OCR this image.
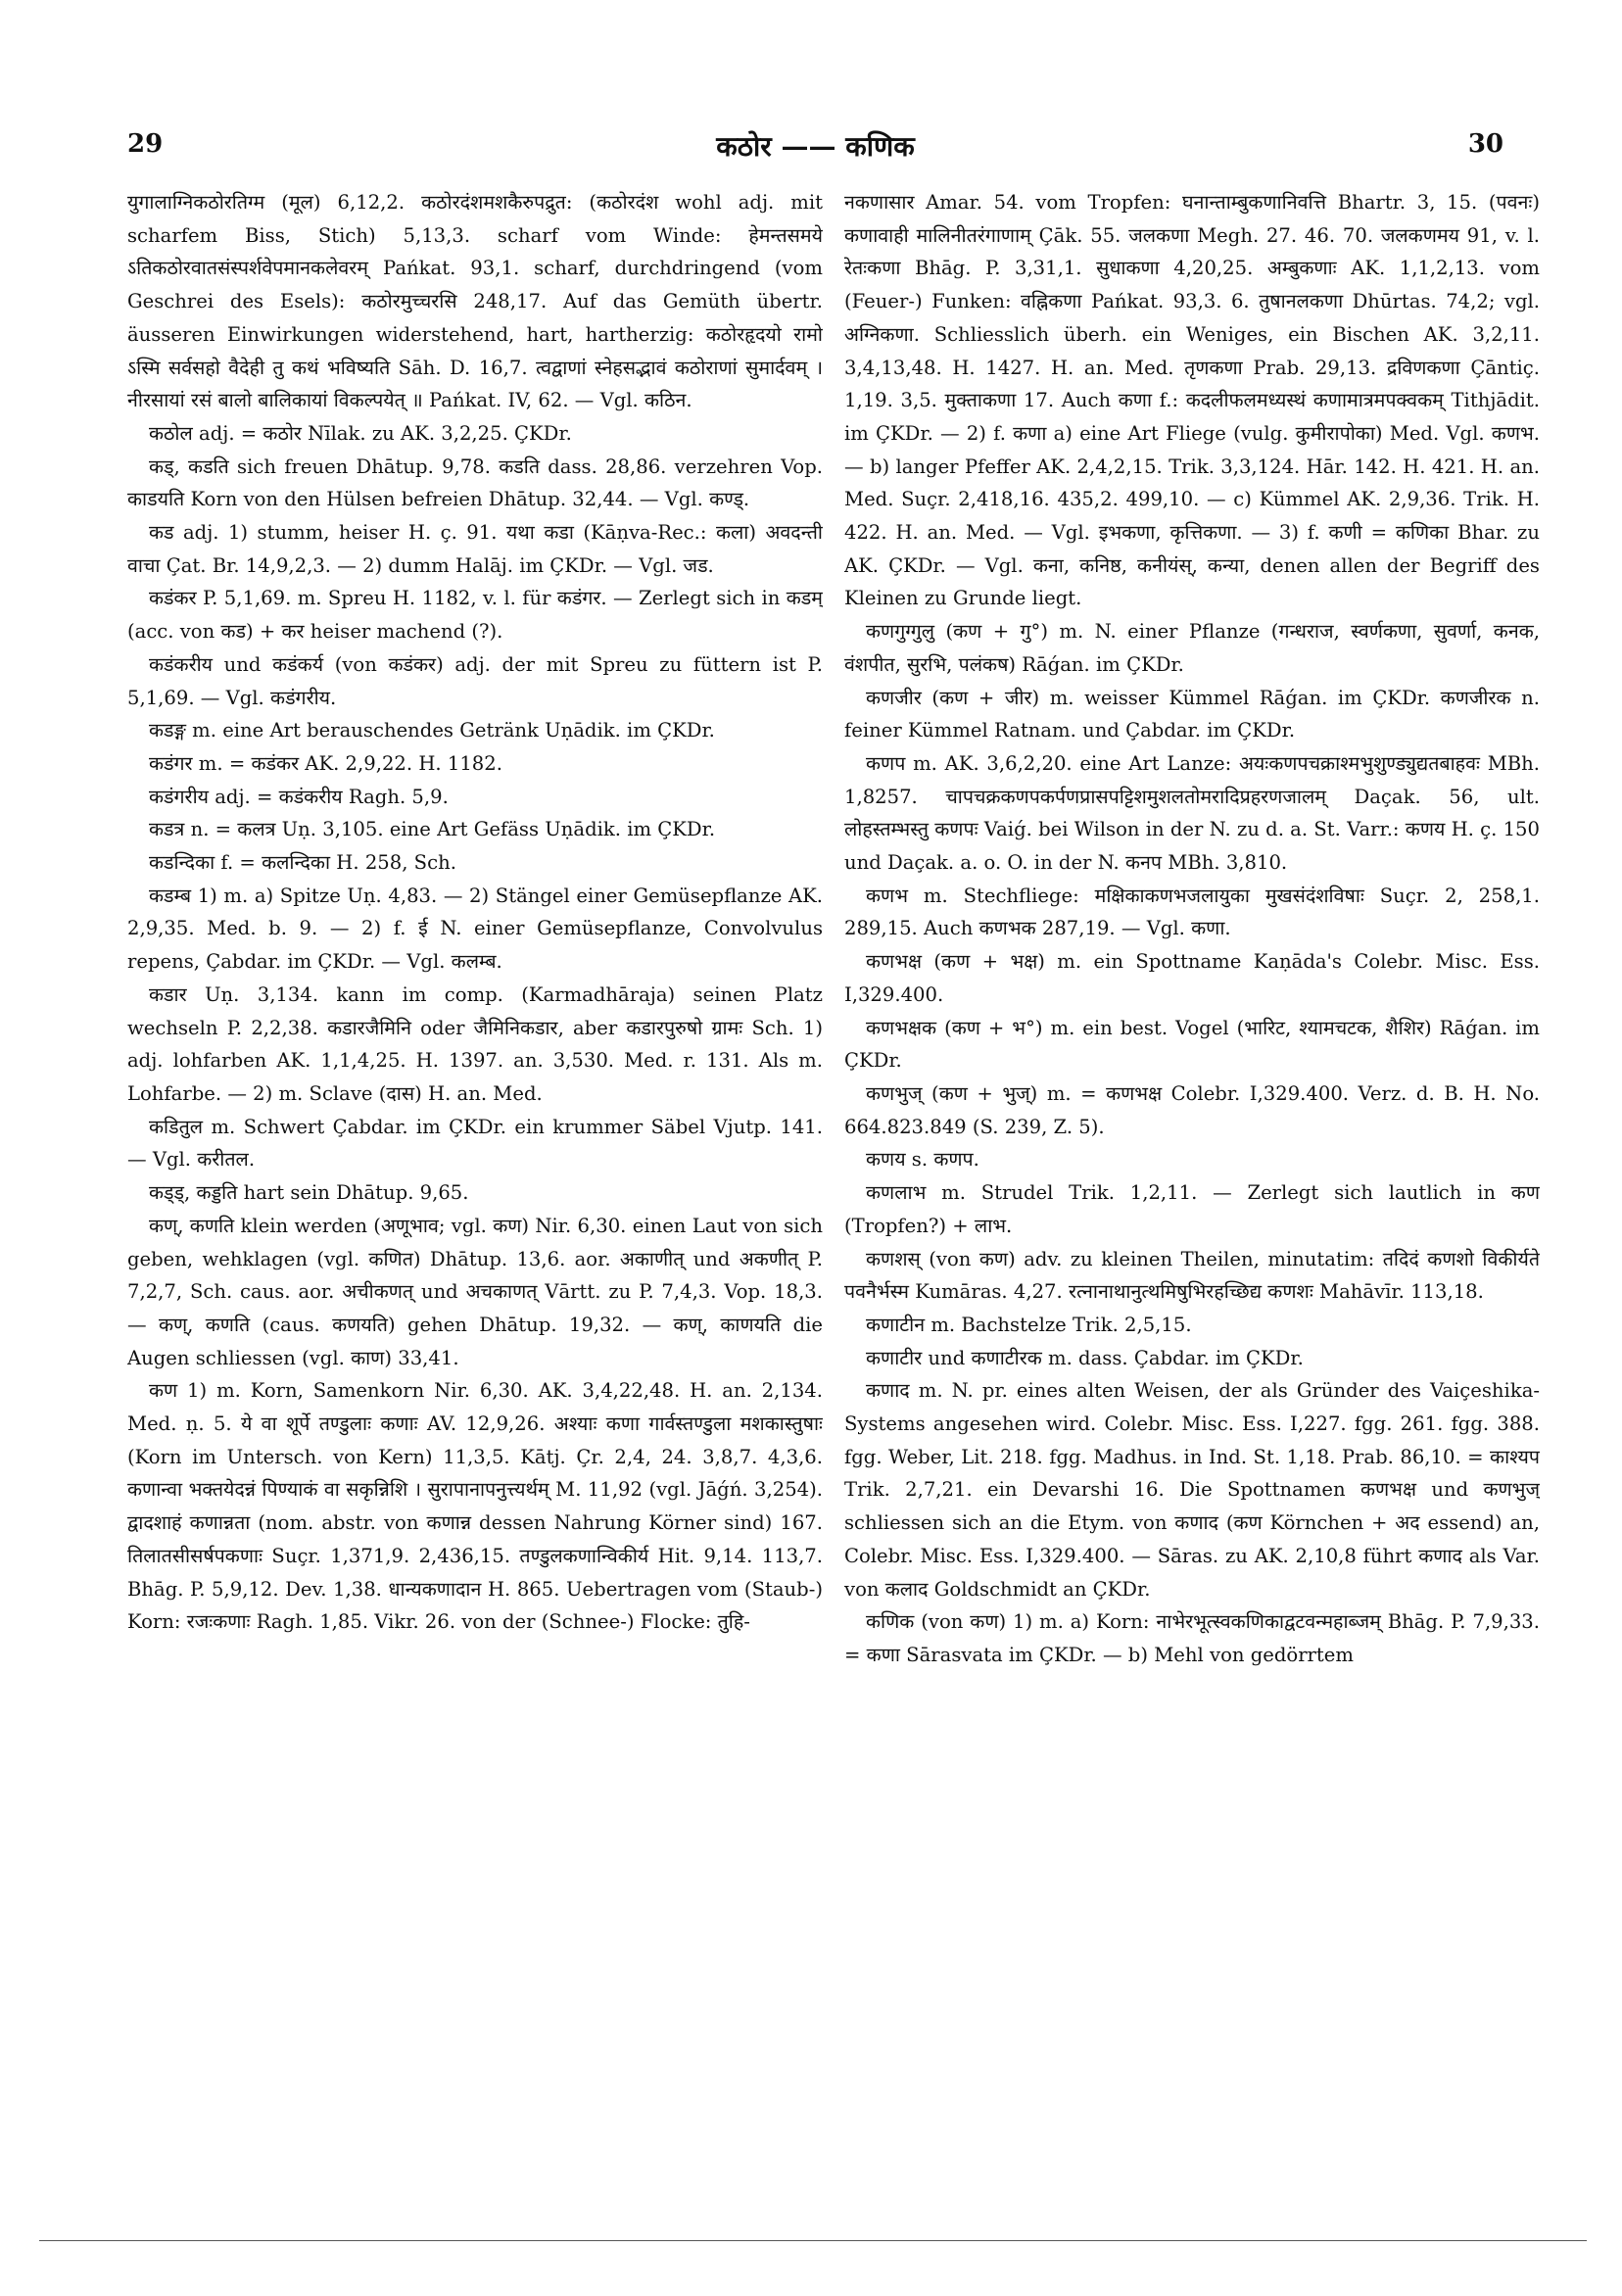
29	कठोर —— कणिक	30

युगालाग्निकठोरतिग्म (मूल) 6,12,2. कठोरदंशमशकैरुपद्रुत: (कठोरदंश wohl adj. mit scharfem Biss, Stich) 5,13,3. scharf vom Winde: हेमन्तसमये ऽतिकठोरवातसंस्पर्शवेपमानकलेवरम् Pańkat. 93,1. scharf, durchdringend (vom Geschrei des Esels): कठोरमुच्चरसि 248,17. Auf das Gemüth übertr. äusseren Einwirkungen widerstehend, hart, hartherzig: कठोरहृदयो रामो ऽस्मि सर्वसहो वैदेही तु कथं भविष्यति Sāh. D. 16,7. त्वद्वाणां स्नेहसद्भावं कठोराणां सुमार्दवम् । नीरसायां रसं बालो बालिकायां विकल्पयेत् ॥ Pańkat. IV, 62. — Vgl. कठिन.

कठोल adj. = कठोर Nīlak. zu AK. 3,2,25. ÇKDr.

कड्, कडति sich freuen Dhātup. 9,78. कडति dass. 28,86. verzehren Vop. काडयति Korn von den Hülsen befreien Dhātup. 32,44. — Vgl. कण्ड्.

कड adj. 1) stumm, heiser H. ç. 91. यथा कडा (Kāṇva-Rec.: कला) अवदन्ती वाचा Çat. Br. 14,9,2,3. — 2) dumm Halāj. im ÇKDr. — Vgl. जड.

कडंकर P. 5,1,69. m. Spreu H. 1182, v. l. für कडंगर. — Zerlegt sich in कडम् (acc. von कड) + कर heiser machend (?).

कडंकरीय und कडंकर्य (von कडंकर) adj. der mit Spreu zu füttern ist P. 5,1,69. — Vgl. कडंगरीय.

कडङ्ग m. eine Art berauschendes Getränk Uṇādik. im ÇKDr.

कडंगर m. = कडंकर AK. 2,9,22. H. 1182.

कडंगरीय adj. = कडंकरीय Ragh. 5,9.

कडत्र n. = कलत्र Uṇ. 3,105. eine Art Gefäss Uṇādik. im ÇKDr.

कडन्दिका f. = कलन्दिका H. 258, Sch.

कडम्ब 1) m. a) Spitze Uṇ. 4,83. — 2) Stängel einer Gemüsepflanze AK. 2,9,35. Med. b. 9. — 2) f. ई N. einer Gemüsepflanze, Convolvulus repens, Çabdar. im ÇKDr. — Vgl. कलम्ब.

कडार Uṇ. 3,134. kann im comp. (Karmadhāraja) seinen Platz wechseln P. 2,2,38. कडारजैमिनि oder जैमिनिकडार, aber कडारपुरुषो ग्रामः Sch. 1) adj. lohfarben AK. 1,1,4,25. H. 1397. an. 3,530. Med. r. 131. Als m. Lohfarbe. — 2) m. Sclave (दास) H. an. Med.

कडितुल m. Schwert Çabdar. im ÇKDr. ein krummer Säbel Vjutp. 141. — Vgl. करीतल.

कड्ड्, कड्डति hart sein Dhātup. 9,65.

कण्, कणति klein werden (अणूभाव; vgl. कण) Nir. 6,30. einen Laut von sich geben, wehklagen (vgl. कणित) Dhātup. 13,6. aor. अकाणीत् und अकणीत् P. 7,2,7, Sch. caus. aor. अचीकणत् und अचकाणत् Vārtt. zu P. 7,4,3. Vop. 18,3. — कण्, कणति (caus. कणयति) gehen Dhātup. 19,32. — कण्, काणयति die Augen schliessen (vgl. काण) 33,41.

कण 1) m. Korn, Samenkorn Nir. 6,30. AK. 3,4,22,48. H. an. 2,134. Med. ṇ. 5. ये वा शूर्पे तण्डुलाः कणाः AV. 12,9,26. अश्याः कणा गार्वस्तण्डुला मशकास्तुषाः (Korn im Untersch. von Kern) 11,3,5. Kātj. Çr. 2,4, 24. 3,8,7. 4,3,6. कणान्वा भक्तयेदन्नं पिण्याकं वा सकृन्निशि । सुरापानापनुत्त्यर्थम् M. 11,92 (vgl. Jāǵń. 3,254). द्वादशाहं कणान्नता (nom. abstr. von कणान्न dessen Nahrung Körner sind) 167. तिलातसीसर्षपकणाः Suçr. 1,371,9. 2,436,15. तण्डुलकणान्विकीर्य Hit. 9,14. 113,7. Bhāg. P. 5,9,12. Dev. 1,38. धान्यकणादान H. 865. Uebertragen vom (Staub-) Korn: रजःकणाः Ragh. 1,85. Vikr. 26. von der (Schnee-) Flocke: तुहि-

नकणासार Amar. 54. vom Tropfen: घनान्ताम्बुकणानिवत्ति Bhartr. 3, 15. (पवनः) कणावाही मालिनीतरंगाणाम् Çāk. 55. जलकणा Megh. 27. 46. 70. जलकणमय 91, v. l. रेतःकणा Bhāg. P. 3,31,1. सुधाकणा 4,20,25. अम्बुकणाः AK. 1,1,2,13. vom (Feuer-) Funken: वह्निकणा Pańkat. 93,3. 6. तुषानलकणा Dhūrtas. 74,2; vgl. अग्निकणा. Schliesslich überh. ein Weniges, ein Bischen AK. 3,2,11. 3,4,13,48. H. 1427. H. an. Med. तृणकणा Prab. 29,13. द्रविणकणा Çāntiç. 1,19. 3,5. मुक्ताकणा 17. Auch कणा f.: कदलीफलमध्यस्थं कणामात्रमपक्वकम् Tithjādit. im ÇKDr. — 2) f. कणा a) eine Art Fliege (vulg. कुमीरापोका) Med. Vgl. कणभ. — b) langer Pfeffer AK. 2,4,2,15. Trik. 3,3,124. Hār. 142. H. 421. H. an. Med. Suçr. 2,418,16. 435,2. 499,10. — c) Kümmel AK. 2,9,36. Trik. H. 422. H. an. Med. — Vgl. इभकणा, कृत्तिकणा. — 3) f. कणी = कणिका Bhar. zu AK. ÇKDr. — Vgl. कना, कनिष्ठ, कनीयंस्, कन्या, denen allen der Begriff des Kleinen zu Grunde liegt.

कणगुग्गुलु (कण + गु°) m. N. einer Pflanze (गन्धराज, स्वर्णकणा, सुवर्णा, कनक, वंशपीत, सुरभि, पलंकष) Rāǵan. im ÇKDr.

कणजीर (कण + जीर) m. weisser Kümmel Rāǵan. im ÇKDr. कणजीरक n. feiner Kümmel Ratnam. und Çabdar. im ÇKDr.

कणप m. AK. 3,6,2,20. eine Art Lanze: अयःकणपचक्राश्मभुशुण्ड्युद्यतबाहवः MBh. 1,8257. चापचक्रकणपकर्पणप्रासपट्टिशमुशलतोमरादिप्रहरणजालम् Daçak. 56, ult. लोहस्तम्भस्तु कणपः Vaiǵ. bei Wilson in der N. zu d. a. St. Varr.: कणय H. ç. 150 und Daçak. a. o. O. in der N. कनप MBh. 3,810.

कणभ m. Stechfliege: मक्षिकाकणभजलायुका मुखसंदंशविषाः Suçr. 2, 258,1. 289,15. Auch कणभक 287,19. — Vgl. कणा.

कणभक्ष (कण + भक्ष) m. ein Spottname Kaṇāda's Colebr. Misc. Ess. I,329.400.

कणभक्षक (कण + भ°) m. ein best. Vogel (भारिट, श्यामचटक, शैशिर) Rāǵan. im ÇKDr.

कणभुज् (कण + भुज्) m. = कणभक्ष Colebr. I,329.400. Verz. d. B. H. No. 664.823.849 (S. 239, Z. 5).

कणय s. कणप.

कणलाभ m. Strudel Trik. 1,2,11. — Zerlegt sich lautlich in कण (Tropfen?) + लाभ.

कणशस् (von कण) adv. zu kleinen Theilen, minutatim: तदिदं कणशो विकीर्यते पवनैर्भस्म Kumāras. 4,27. रत्नानाथानुत्थमिषुभिरहच्छिद्य कणशः Mahāvīr. 113,18.

कणाटीन m. Bachstelze Trik. 2,5,15.

कणाटीर und कणाटीरक m. dass. Çabdar. im ÇKDr.

कणाद m. N. pr. eines alten Weisen, der als Gründer des Vaiçeshika-Systems angesehen wird. Colebr. Misc. Ess. I,227. fgg. 261. fgg. 388. fgg. Weber, Lit. 218. fgg. Madhus. in Ind. St. 1,18. Prab. 86,10. = काश्यप Trik. 2,7,21. ein Devarshi 16. Die Spottnamen कणभक्ष und कणभुज् schliessen sich an die Etym. von कणाद (कण Körnchen + अद essend) an, Colebr. Misc. Ess. I,329.400. — Sāras. zu AK. 2,10,8 führt कणाद als Var. von कलाद Goldschmidt an ÇKDr.

कणिक (von कण) 1) m. a) Korn: नाभेरभूत्स्वकणिकाद्वटवन्महाब्जम् Bhāg. P. 7,9,33. = कणा Sārasvata im ÇKDr. — b) Mehl von gedörrtem
